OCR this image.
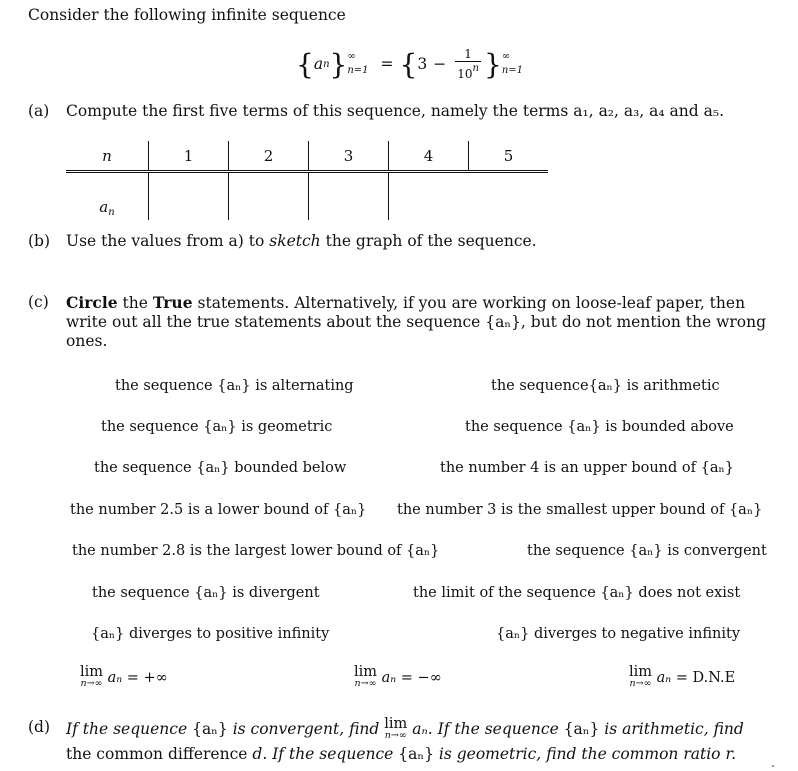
Consider the following infinite sequence
{ a n } ∞
n=1 = { $3 - \frac{1}{10^n}$ } ∞
n=1
(a) Compute the first five terms of this sequence, namely the terms a₁, a₂, a₃, a₄ and a₅.
n	1	2	3	4	5
$a_n$					
(b) Use the values from a) to sketch the graph of the sequence.
(c) Circle the True statements. Alternatively, if you are working on loose-leaf paper, then
write out all the true statements about the sequence {aₙ}, but do not mention the wrong
ones.
the sequence {aₙ} is alternating	the sequence{aₙ} is arithmetic
the sequence {aₙ} is geometric	the sequence {aₙ} is bounded above
the sequence {aₙ} bounded below	the number 4 is an upper bound of {aₙ}
the number 2.5 is a lower bound of {aₙ} the number 3 is the smallest upper bound of {aₙ}
the number 2.8 is the largest lower bound of {aₙ}	the sequence {aₙ} is convergent
the sequence {aₙ} is divergent	the limit of the sequence {aₙ} does not exist
{aₙ} diverges to positive infinity	{aₙ} diverges to negative infinity
lim
n→∞ aₙ = +∞	lim
n→∞ aₙ = −∞	lim
n→∞ aₙ = D.N.E
(d) If the sequence {aₙ} is convergent, find lim
n→∞ aₙ. If the sequence {aₙ} is arithmetic, find
the common difference d. If the sequence {aₙ} is geometric, find the common ratio r.
